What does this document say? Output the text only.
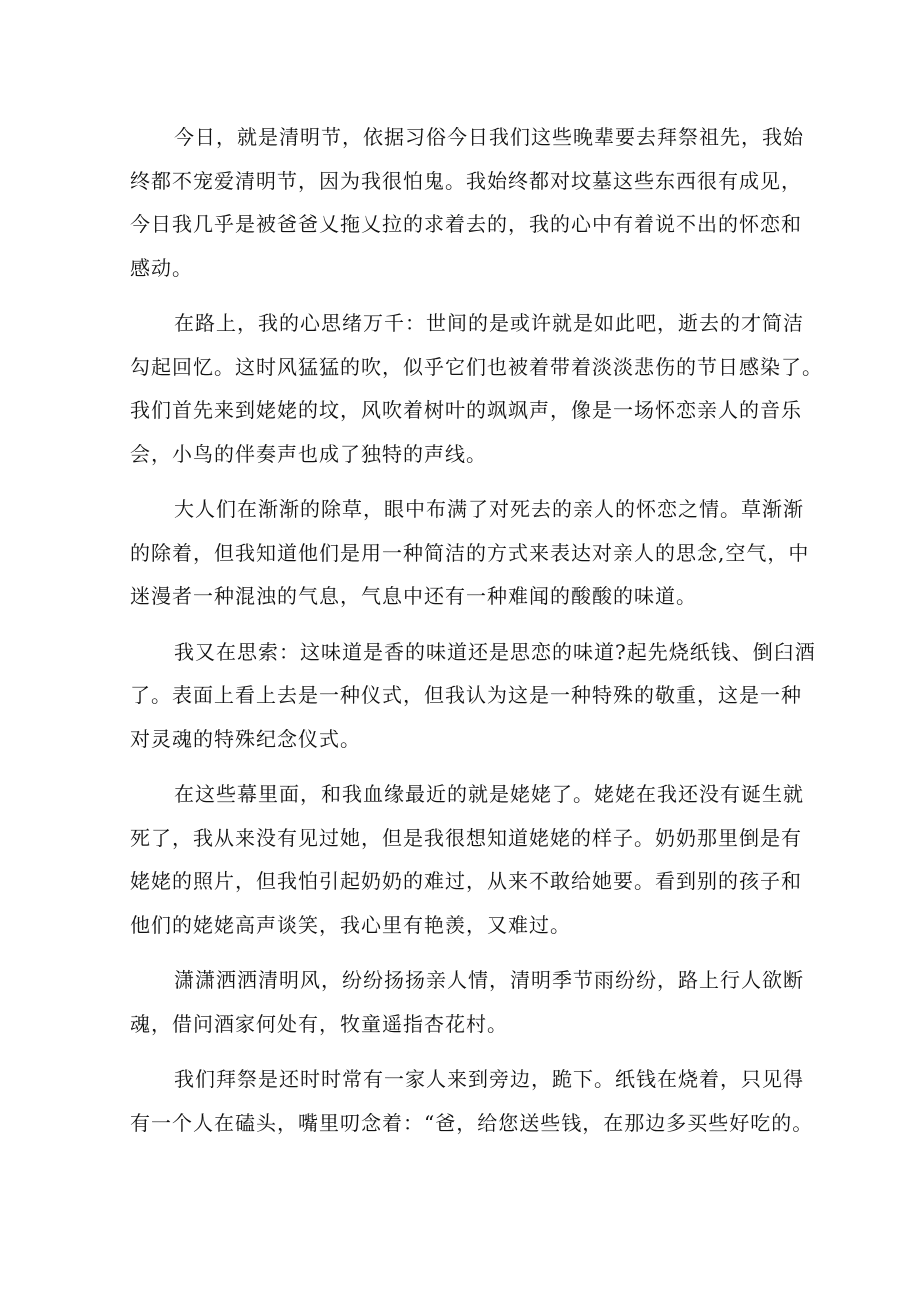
今日，就是清明节，依据习俗今日我们这些晚辈要去拜祭祖先，我始
终都不宠爱清明节，因为我很怕鬼。我始终都对坟墓这些东西很有成见，
今日我几乎是被爸爸乂拖乂拉的求着去的，我的心中有着说不出的怀恋和
感动。
在路上，我的心思绪万千：世间的是或许就是如此吧，逝去的才简洁
勾起回忆。这时风猛猛的吹，似乎它们也被着带着淡淡悲伤的节日感染了。
我们首先来到姥姥的坟，风吹着树叶的飒飒声，像是一场怀恋亲人的音乐
会，小鸟的伴奏声也成了独特的声线。
大人们在渐渐的除草，眼中布满了对死去的亲人的怀恋之情。草渐渐
的除着，但我知道他们是用一种简洁的方式来表达对亲人的思念,空气，中
迷漫者一种混浊的气息，气息中还有一种难闻的酸酸的味道。
我又在思索：这味道是香的味道还是思恋的味道?起先烧纸钱、倒臼酒
了。表面上看上去是一种仪式，但我认为这是一种特殊的敬重，这是一种
对灵魂的特殊纪念仪式。
在这些幕里面，和我血缘最近的就是姥姥了。姥姥在我还没有诞生就
死了，我从来没有见过她，但是我很想知道姥姥的样子。奶奶那里倒是有
姥姥的照片，但我怕引起奶奶的难过，从来不敢给她要。看到别的孩子和
他们的姥姥高声谈笑，我心里有艳羡，又难过。
潇潇洒洒清明风，纷纷扬扬亲人情，清明季节雨纷纷，路上行人欲断
魂，借问酒家何处有，牧童遥指杏花村。
我们拜祭是还时时常有一家人来到旁边，跪下。纸钱在烧着，只见得
有一个人在磕头，嘴里叨念着：“爸，给您送些钱，在那边多买些好吃的。
